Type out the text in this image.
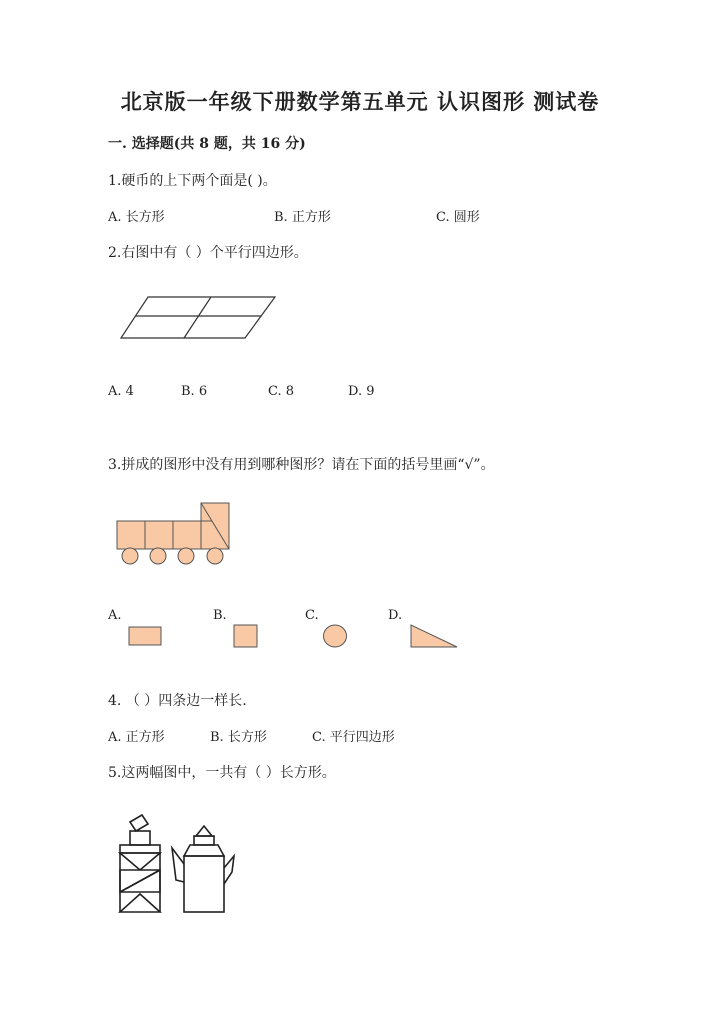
北京版一年级下册数学第五单元 认识图形 测试卷
一. 选择题(共 8 题，共 16 分)
1.硬币的上下两个面是( )。
A. 长方形	B. 正方形	C. 圆形
2.右图中有（ ）个平行四边形。
A. 4	B. 6	C. 8	D. 9
3.拼成的图形中没有用到哪种图形？请在下面的括号里画“√”。
A.	B.	C.	D.
4. （ ）四条边一样长.
A. 正方形	B. 长方形	C. 平行四边形
5.这两幅图中，一共有（ ）长方形。
